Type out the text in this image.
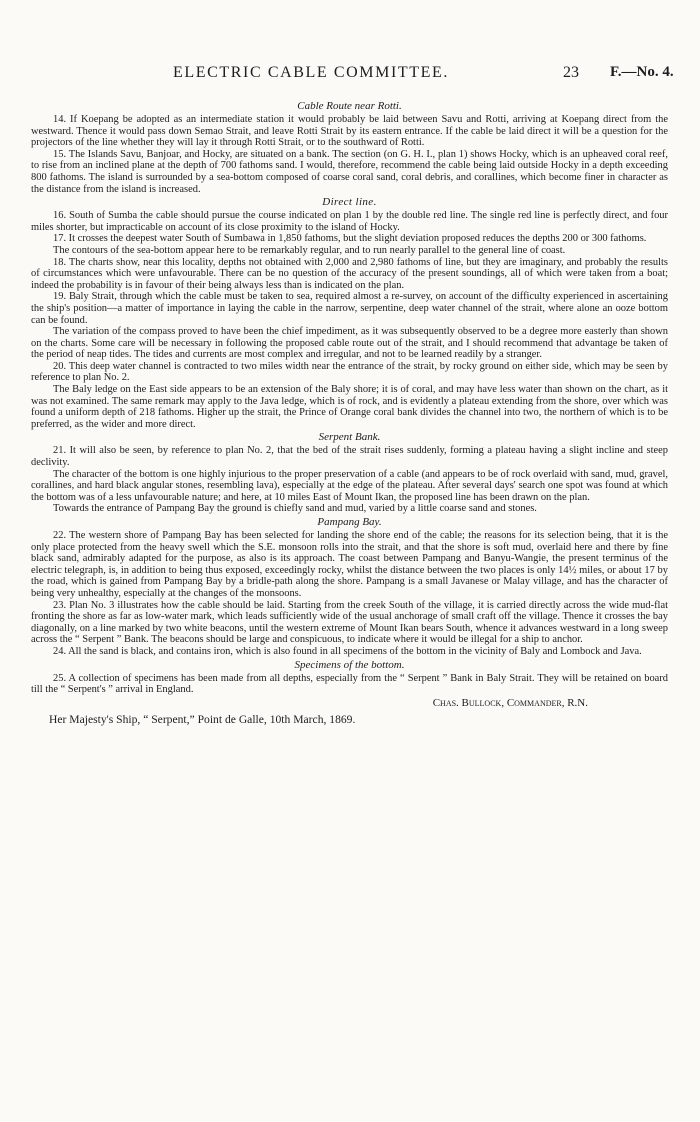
ELECTRIC CABLE COMMITTEE.	23 F.—No. 4.
Cable Route near Rotti.

14. If Koepang be adopted as an intermediate station it would probably be laid between Savu and Rotti, arriving at Koepang direct from the westward. Thence it would pass down Semao Strait, and leave Rotti Strait by its eastern entrance. If the cable be laid direct it will be a question for the projectors of the line whether they will lay it through Rotti Strait, or to the southward of Rotti.

15. The Islands Savu, Banjoar, and Hocky, are situated on a bank. The section (on G. H. I., plan 1) shows Hocky, which is an upheaved coral reef, to rise from an inclined plane at the depth of 700 fathoms sand. I would, therefore, recommend the cable being laid outside Hocky in a depth exceeding 800 fathoms. The island is surrounded by a sea-bottom composed of coarse coral sand, coral debris, and corallines, which become finer in character as the distance from the island is increased.

Direct line.

16. South of Sumba the cable should pursue the course indicated on plan 1 by the double red line. The single red line is perfectly direct, and four miles shorter, but impracticable on account of its close proximity to the island of Hocky.

17. It crosses the deepest water South of Sumbawa in 1,850 fathoms, but the slight deviation proposed reduces the depths 200 or 300 fathoms.

The contours of the sea-bottom appear here to be remarkably regular, and to run nearly parallel to the general line of coast.

18. The charts show, near this locality, depths not obtained with 2,000 and 2,980 fathoms of line, but they are imaginary, and probably the results of circumstances which were unfavourable. There can be no question of the accuracy of the present soundings, all of which were taken from a boat; indeed the probability is in favour of their being always less than is indicated on the plan.

19. Baly Strait, through which the cable must be taken to sea, required almost a re-survey, on account of the difficulty experienced in ascertaining the ship's position—a matter of importance in laying the cable in the narrow, serpentine, deep water channel of the strait, where alone an ooze bottom can be found.

The variation of the compass proved to have been the chief impediment, as it was subsequently observed to be a degree more easterly than shown on the charts. Some care will be necessary in following the proposed cable route out of the strait, and I should recommend that advantage be taken of the period of neap tides. The tides and currents are most complex and irregular, and not to be learned readily by a stranger.

20. This deep water channel is contracted to two miles width near the entrance of the strait, by rocky ground on either side, which may be seen by reference to plan No. 2.

The Baly ledge on the East side appears to be an extension of the Baly shore; it is of coral, and may have less water than shown on the chart, as it was not examined. The same remark may apply to the Java ledge, which is of rock, and is evidently a plateau extending from the shore, over which was found a uniform depth of 218 fathoms. Higher up the strait, the Prince of Orange coral bank divides the channel into two, the northern of which is to be preferred, as the wider and more direct.

Serpent Bank.

21. It will also be seen, by reference to plan No. 2, that the bed of the strait rises suddenly, forming a plateau having a slight incline and steep declivity.

The character of the bottom is one highly injurious to the proper preservation of a cable (and appears to be of rock overlaid with sand, mud, gravel, corallines, and hard black angular stones, resembling lava), especially at the edge of the plateau. After several days' search one spot was found at which the bottom was of a less unfavourable nature; and here, at 10 miles East of Mount Ikan, the proposed line has been drawn on the plan.

Towards the entrance of Pampang Bay the ground is chiefly sand and mud, varied by a little coarse sand and stones.

Pampang Bay.

22. The western shore of Pampang Bay has been selected for landing the shore end of the cable; the reasons for its selection being, that it is the only place protected from the heavy swell which the S.E. monsoon rolls into the strait, and that the shore is soft mud, overlaid here and there by fine black sand, admirably adapted for the purpose, as also is its approach. The coast between Pampang and Banyu-Wangie, the present terminus of the electric telegraph, is, in addition to being thus exposed, exceedingly rocky, whilst the distance between the two places is only 14½ miles, or about 17 by the road, which is gained from Pampang Bay by a bridle-path along the shore. Pampang is a small Javanese or Malay village, and has the character of being very unhealthy, especially at the changes of the monsoons.

23. Plan No. 3 illustrates how the cable should be laid. Starting from the creek South of the village, it is carried directly across the wide mud-flat fronting the shore as far as low-water mark, which leads sufficiently wide of the usual anchorage of small craft off the village. Thence it crosses the bay diagonally, on a line marked by two white beacons, until the western extreme of Mount Ikan bears South, whence it advances westward in a long sweep across the “ Serpent ” Bank. The beacons should be large and conspicuous, to indicate where it would be illegal for a ship to anchor.

24. All the sand is black, and contains iron, which is also found in all specimens of the bottom in the vicinity of Baly and Lombock and Java.

Specimens of the bottom.

25. A collection of specimens has been made from all depths, especially from the “ Serpent ” Bank in Baly Strait. They will be retained on board till the “ Serpent's ” arrival in England.

Chas. Bullock, Commander, R.N.
Her Majesty's Ship, “ Serpent,” Point de Galle, 10th March, 1869.
